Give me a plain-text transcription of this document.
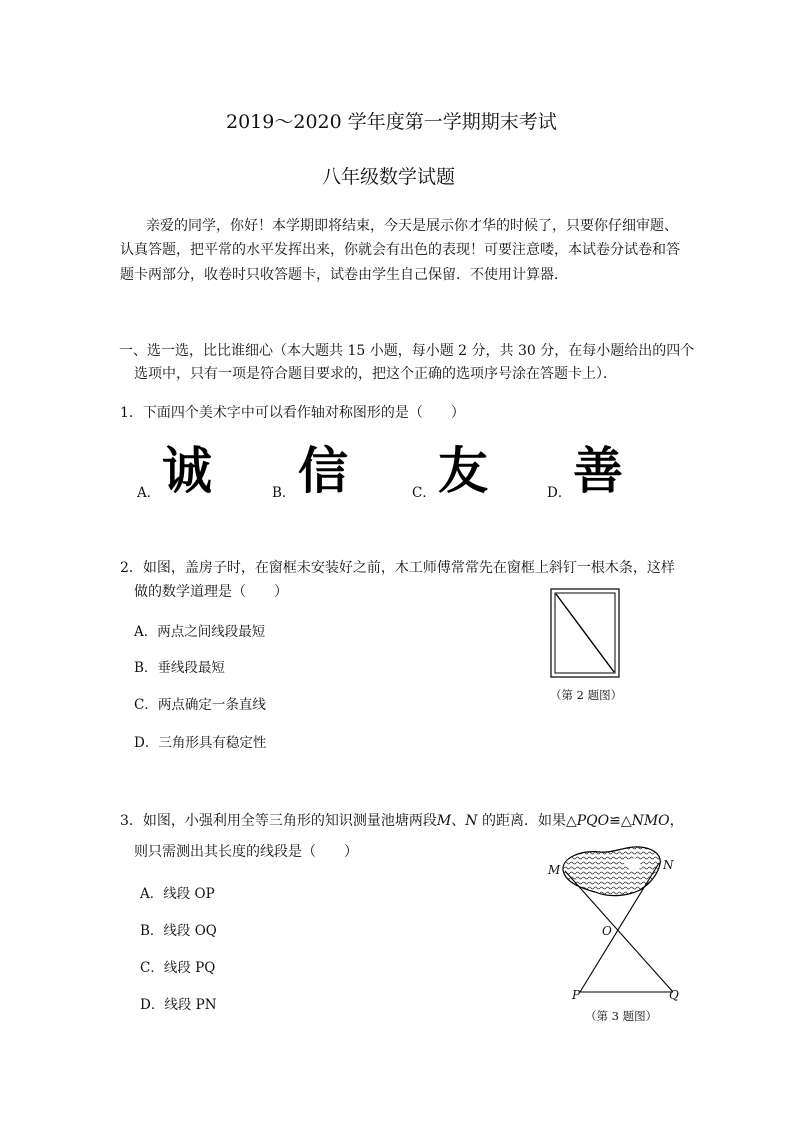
2019～2020 学年度第一学期期末考试
八年级数学试题
亲爱的同学，你好！本学期即将结束，今天是展示你才华的时候了，只要你仔细审题、
认真答题，把平常的水平发挥出来，你就会有出色的表现！可要注意喽，本试卷分试卷和答
题卡两部分，收卷时只收答题卡，试卷由学生自己保留．不使用计算器．
一、选一选，比比谁细心（本大题共 15 小题，每小题 2 分，共 30 分，在每小题给出的四个
选项中，只有一项是符合题目要求的，把这个正确的选项序号涂在答题卡上）．
1．下面四个美术字中可以看作轴对称图形的是（　　）
A． 诚	B． 信	C． 友	D． 善
2．如图，盖房子时，在窗框未安装好之前，木工师傅常常先在窗框上斜钉一根木条，这样
做的数学道理是（　　）
A．两点之间线段最短
B．垂线段最短
C．两点确定一条直线
D．三角形具有稳定性
（第 2 题图）
3．如图，小强利用全等三角形的知识测量池塘两段M、N 的距离．如果△PQO≌△NMO，
则只需测出其长度的线段是（　　）
A．线段 OP
B．线段 OQ
C．线段 PQ
D．线段 PN
M	N
O
P	Q
（第 3 题图）
